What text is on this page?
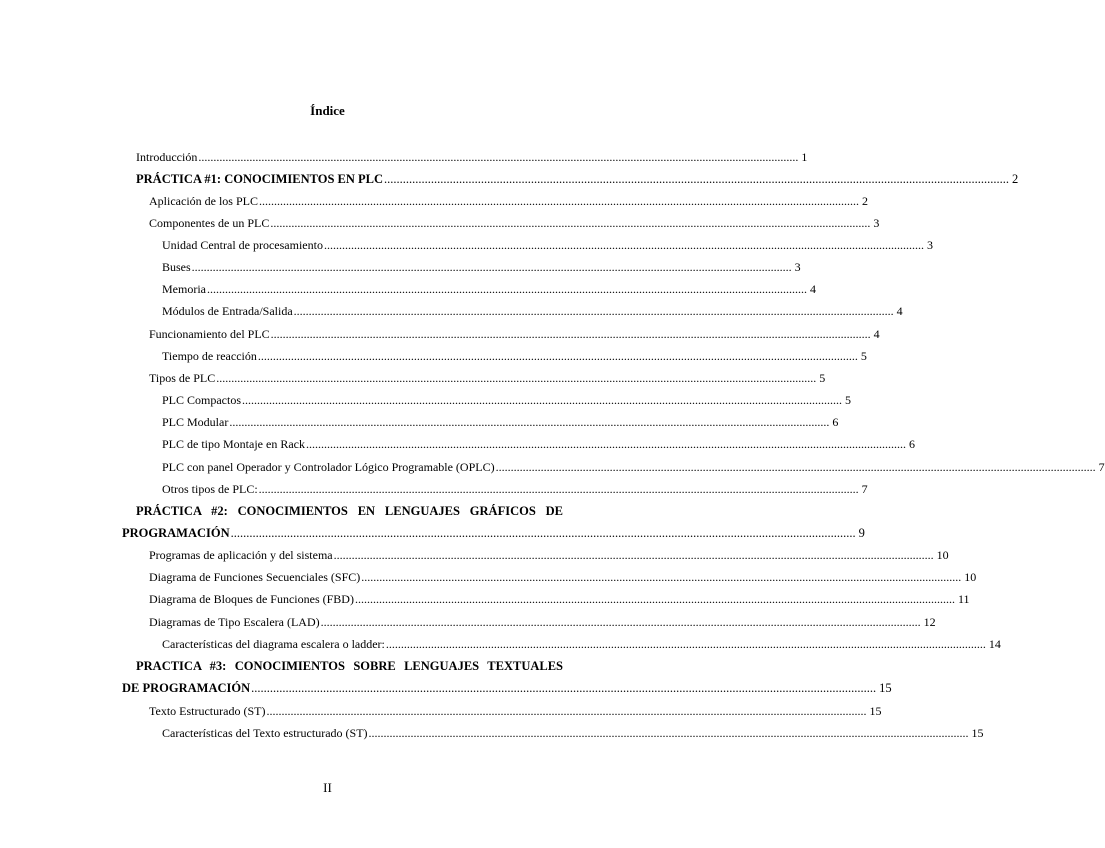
Índice
Introducción ........................................................................................................................................................................................................ 1
PRÁCTICA #1: CONOCIMIENTOS EN PLC ........................................................................................................................................................................................................ 2
Aplicación de los PLC ........................................................................................................................................................................................................ 2
Componentes de un PLC ........................................................................................................................................................................................................ 3
Unidad Central de procesamiento ........................................................................................................................................................................................................ 3
Buses ........................................................................................................................................................................................................ 3
Memoria ........................................................................................................................................................................................................ 4
Módulos de Entrada/Salida ........................................................................................................................................................................................................ 4
Funcionamiento del PLC ........................................................................................................................................................................................................ 4
Tiempo de reacción ........................................................................................................................................................................................................ 5
Tipos de PLC ........................................................................................................................................................................................................ 5
PLC Compactos ........................................................................................................................................................................................................ 5
PLC Modular ........................................................................................................................................................................................................ 6
PLC de tipo Montaje en Rack ........................................................................................................................................................................................................ 6
PLC con panel Operador y Controlador Lógico Programable (OPLC) ........................................................................................................................................................................................................ 7
Otros tipos de PLC: ........................................................................................................................................................................................................ 7
PRÁCTICA #2: CONOCIMIENTOS EN LENGUAJES GRÁFICOS DE
PROGRAMACIÓN ........................................................................................................................................................................................................ 9
Programas de aplicación y del sistema ........................................................................................................................................................................................................ 10
Diagrama de Funciones Secuenciales (SFC) ........................................................................................................................................................................................................ 10
Diagrama de Bloques de Funciones (FBD) ........................................................................................................................................................................................................ 11
Diagramas de Tipo Escalera (LAD) ........................................................................................................................................................................................................ 12
Características del diagrama escalera o ladder: ........................................................................................................................................................................................................ 14
PRACTICA #3: CONOCIMIENTOS SOBRE LENGUAJES TEXTUALES
DE PROGRAMACIÓN ........................................................................................................................................................................................................ 15
Texto Estructurado (ST) ........................................................................................................................................................................................................ 15
Características del Texto estructurado (ST) ........................................................................................................................................................................................................ 15
II
